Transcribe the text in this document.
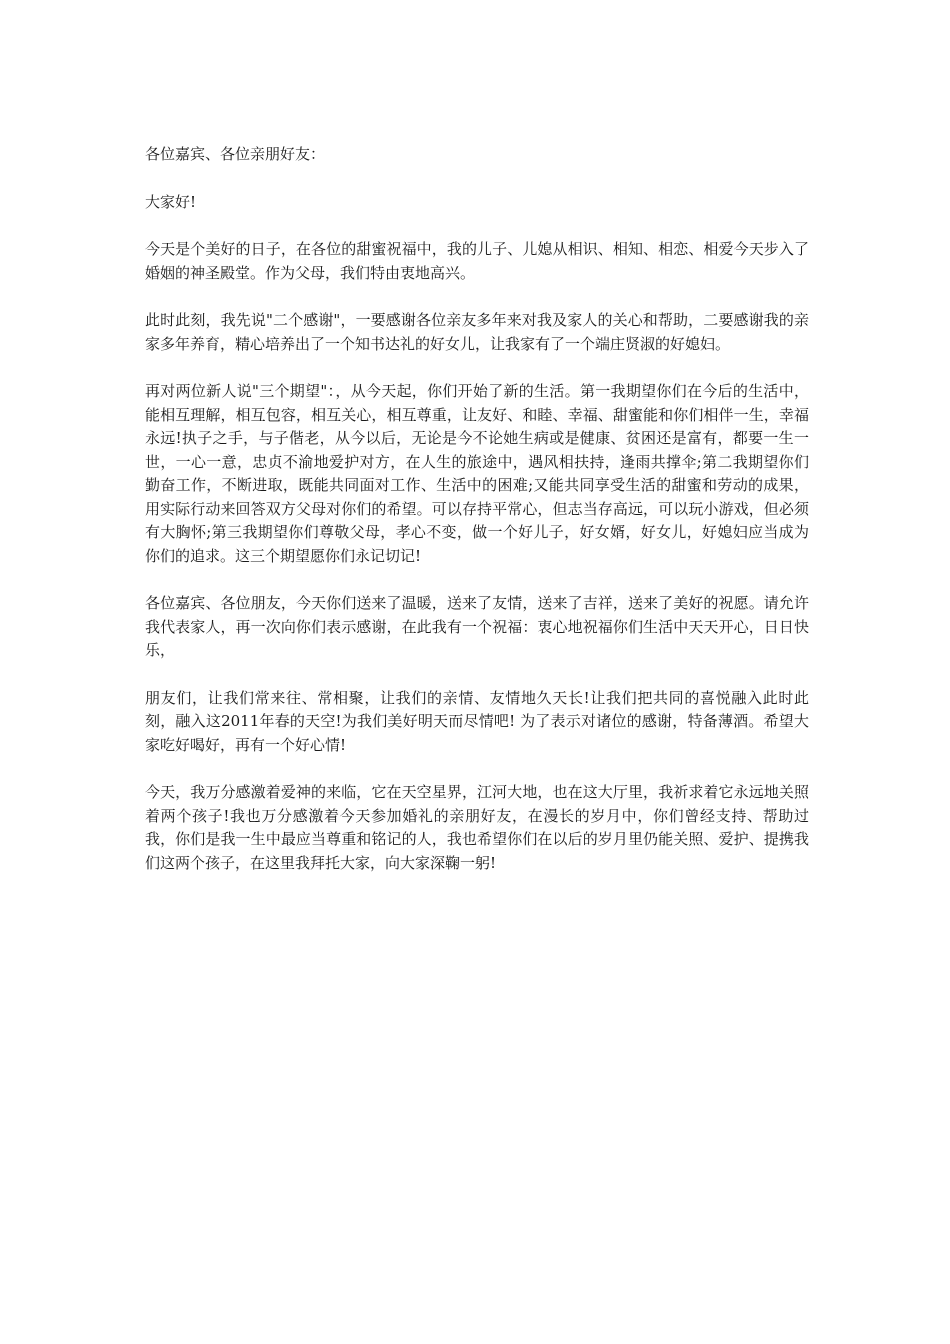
各位嘉宾、各位亲朋好友：

大家好!

今天是个美好的日子，在各位的甜蜜祝福中，我的儿子、儿媳从相识、相知、相恋、相爱今天步入了婚姻的神圣殿堂。作为父母，我们特由衷地高兴。

此时此刻，我先说"二个感谢"，一要感谢各位亲友多年来对我及家人的关心和帮助，二要感谢我的亲家多年养育，精心培养出了一个知书达礼的好女儿，让我家有了一个端庄贤淑的好媳妇。

再对两位新人说"三个期望"：，从今天起，你们开始了新的生活。第一我期望你们在今后的生活中，能相互理解，相互包容，相互关心，相互尊重，让友好、和睦、幸福、甜蜜能和你们相伴一生，幸福永远!执子之手，与子偕老，从今以后，无论是今不论她生病或是健康、贫困还是富有，都要一生一世，一心一意，忠贞不渝地爱护对方，在人生的旅途中，遇风相扶持，逢雨共撑伞;第二我期望你们勤奋工作，不断进取，既能共同面对工作、生活中的困难;又能共同享受生活的甜蜜和劳动的成果，用实际行动来回答双方父母对你们的希望。可以存持平常心，但志当存高远，可以玩小游戏，但必须有大胸怀;第三我期望你们尊敬父母，孝心不变，做一个好儿子，好女婿，好女儿，好媳妇应当成为你们的追求。这三个期望愿你们永记切记!

各位嘉宾、各位朋友，今天你们送来了温暖，送来了友情，送来了吉祥，送来了美好的祝愿。请允许我代表家人，再一次向你们表示感谢，在此我有一个祝福：衷心地祝福你们生活中天天开心，日日快乐，

朋友们，让我们常来往、常相聚，让我们的亲情、友情地久天长!让我们把共同的喜悦融入此时此刻，融入这2011年春的天空!为我们美好明天而尽情吧! 为了表示对诸位的感谢，特备薄酒。希望大家吃好喝好，再有一个好心情!

今天，我万分感激着爱神的来临，它在天空星界，江河大地，也在这大厅里，我祈求着它永远地关照着两个孩子!我也万分感激着今天参加婚礼的亲朋好友，在漫长的岁月中，你们曾经支持、帮助过我，你们是我一生中最应当尊重和铭记的人，我也希望你们在以后的岁月里仍能关照、爱护、提携我们这两个孩子，在这里我拜托大家，向大家深鞠一躬!
